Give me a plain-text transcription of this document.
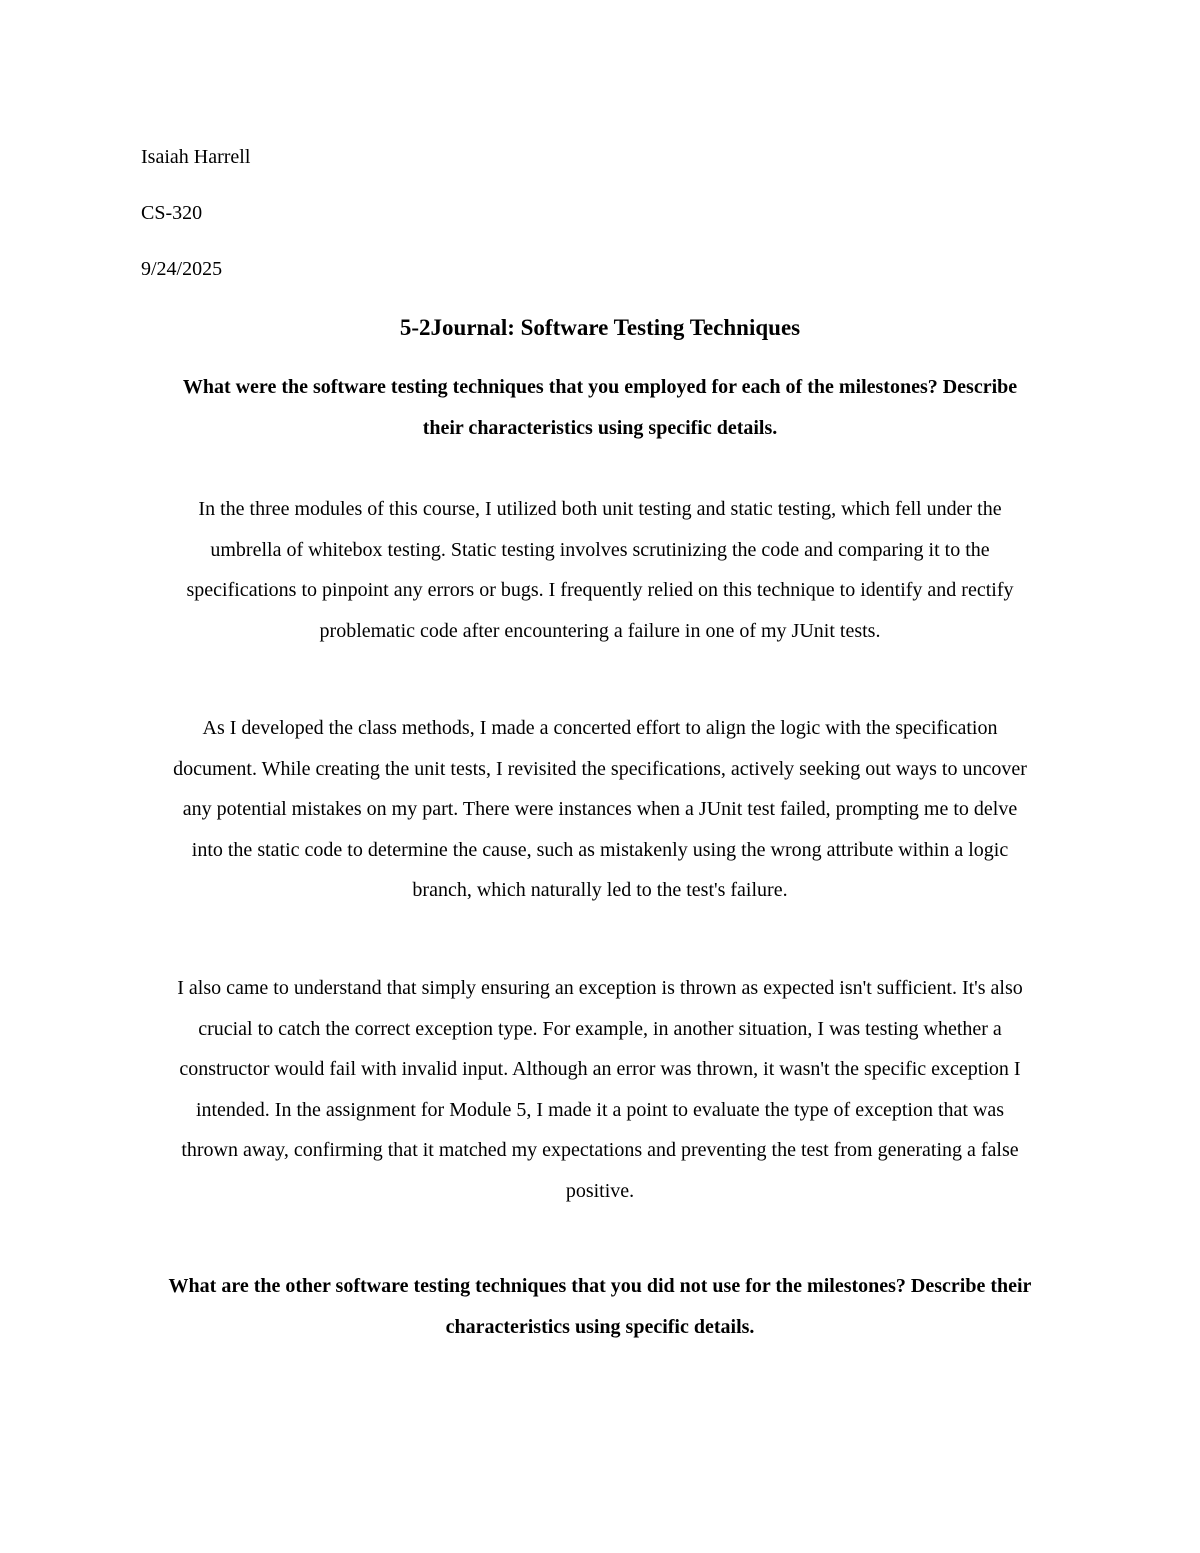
Isaiah Harrell

CS-320

9/24/2025

5-2Journal: Software Testing Techniques

What were the software testing techniques that you employed for each of the milestones? Describe their characteristics using specific details.

In the three modules of this course, I utilized both unit testing and static testing, which fell under the umbrella of whitebox testing. Static testing involves scrutinizing the code and comparing it to the specifications to pinpoint any errors or bugs. I frequently relied on this technique to identify and rectify problematic code after encountering a failure in one of my JUnit tests.

As I developed the class methods, I made a concerted effort to align the logic with the specification document. While creating the unit tests, I revisited the specifications, actively seeking out ways to uncover any potential mistakes on my part. There were instances when a JUnit test failed, prompting me to delve into the static code to determine the cause, such as mistakenly using the wrong attribute within a logic branch, which naturally led to the test's failure.

I also came to understand that simply ensuring an exception is thrown as expected isn't sufficient. It's also crucial to catch the correct exception type. For example, in another situation, I was testing whether a constructor would fail with invalid input. Although an error was thrown, it wasn't the specific exception I intended. In the assignment for Module 5, I made it a point to evaluate the type of exception that was thrown away, confirming that it matched my expectations and preventing the test from generating a false positive.

What are the other software testing techniques that you did not use for the milestones? Describe their characteristics using specific details.
